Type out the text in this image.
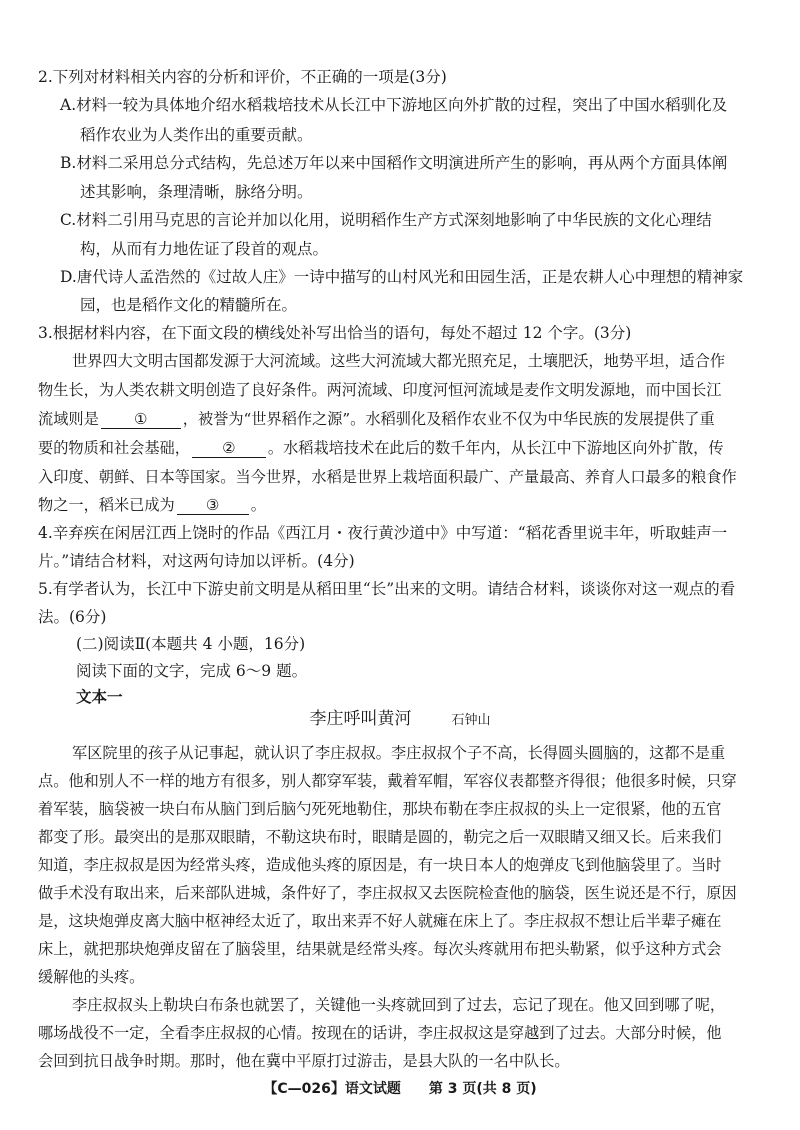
2.下列对材料相关内容的分析和评价，不正确的一项是(3分)
A.材料一较为具体地介绍水稻栽培技术从长江中下游地区向外扩散的过程，突出了中国水稻驯化及
稻作农业为人类作出的重要贡献。
B.材料二采用总分式结构，先总述万年以来中国稻作文明演进所产生的影响，再从两个方面具体阐
述其影响，条理清晰，脉络分明。
C.材料二引用马克思的言论并加以化用，说明稻作生产方式深刻地影响了中华民族的文化心理结
构，从而有力地佐证了段首的观点。
D.唐代诗人孟浩然的《过故人庄》一诗中描写的山村风光和田园生活，正是农耕人心中理想的精神家
园，也是稻作文化的精髓所在。
3.根据材料内容，在下面文段的横线处补写出恰当的语句，每处不超过 12 个字。(3分)
世界四大文明古国都发源于大河流域。这些大河流域大都光照充足，土壤肥沃，地势平坦，适合作
物生长，为人类农耕文明创造了良好条件。两河流域、印度河恒河流域是麦作文明发源地，而中国长江
流域则是 ① ，被誉为“世界稻作之源”。水稻驯化及稻作农业不仅为中华民族的发展提供了重
要的物质和社会基础， ② 。水稻栽培技术在此后的数千年内，从长江中下游地区向外扩散，传
入印度、朝鲜、日本等国家。当今世界，水稻是世界上栽培面积最广、产量最高、养育人口最多的粮食作
物之一，稻米已成为 ③ 。
4.辛弃疾在闲居江西上饶时的作品《西江月・夜行黄沙道中》中写道：“稻花香里说丰年，听取蛙声一
片。”请结合材料，对这两句诗加以评析。(4分)
5.有学者认为，长江中下游史前文明是从稻田里“长”出来的文明。请结合材料，谈谈你对这一观点的看
法。(6分)
(二)阅读Ⅱ(本题共 4 小题，16分)
阅读下面的文字，完成 6～9 题。
文本一
李庄呼叫黄河	石钟山
军区院里的孩子从记事起，就认识了李庄叔叔。李庄叔叔个子不高，长得圆头圆脑的，这都不是重
点。他和别人不一样的地方有很多，别人都穿军装，戴着军帽，军容仪表都整齐得很；他很多时候，只穿
着军装，脑袋被一块白布从脑门到后脑勺死死地勒住，那块布勒在李庄叔叔的头上一定很紧，他的五官
都变了形。最突出的是那双眼睛，不勒这块布时，眼睛是圆的，勒完之后一双眼睛又细又长。后来我们
知道，李庄叔叔是因为经常头疼，造成他头疼的原因是，有一块日本人的炮弹皮飞到他脑袋里了。当时
做手术没有取出来，后来部队进城，条件好了，李庄叔叔又去医院检查他的脑袋，医生说还是不行，原因
是，这块炮弹皮离大脑中枢神经太近了，取出来弄不好人就瘫在床上了。李庄叔叔不想让后半辈子瘫在
床上，就把那块炮弹皮留在了脑袋里，结果就是经常头疼。每次头疼就用布把头勒紧，似乎这种方式会
缓解他的头疼。
李庄叔叔头上勒块白布条也就罢了，关键他一头疼就回到了过去，忘记了现在。他又回到哪了呢，
哪场战役不一定，全看李庄叔叔的心情。按现在的话讲，李庄叔叔这是穿越到了过去。大部分时候，他
会回到抗日战争时期。那时，他在冀中平原打过游击，是县大队的一名中队长。
【C—026】语文试题 第 3 页(共 8 页)
